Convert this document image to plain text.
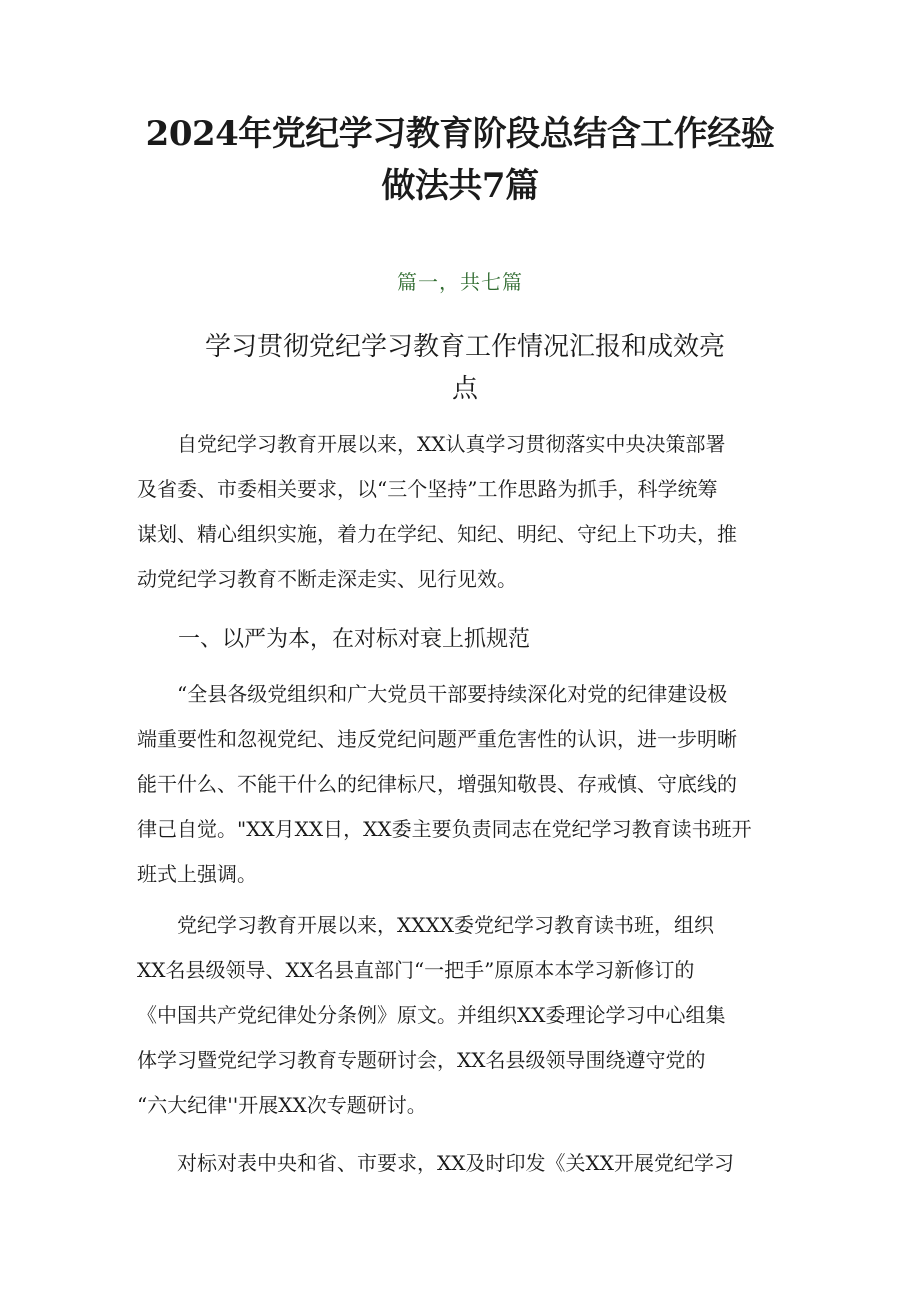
2024年党纪学习教育阶段总结含工作经验
做法共7篇
篇一，共七篇
学习贯彻党纪学习教育工作情况汇报和成效亮
点
　　自党纪学习教育开展以来，XX认真学习贯彻落实中央决策部署
及省委、市委相关要求，以“三个坚持”工作思路为抓手，科学统筹
谋划、精心组织实施，着力在学纪、知纪、明纪、守纪上下功夫，推
动党纪学习教育不断走深走实、见行见效。
一、以严为本，在对标对衰上抓规范
　　“全县各级党组织和广大党员干部要持续深化对党的纪律建设极
端重要性和忽视党纪、违反党纪问题严重危害性的认识，进一步明晰
能干什么、不能干什么的纪律标尺，增强知敬畏、存戒慎、守底线的
律己自觉。"XX月XX日，XX委主要负责同志在党纪学习教育读书班开
班式上强调。
　　党纪学习教育开展以来，XXXX委党纪学习教育读书班，组织
XX名县级领导、XX名县直部门“一把手”原原本本学习新修订的
《中国共产党纪律处分条例》原文。并组织XX委理论学习中心组集
体学习暨党纪学习教育专题研讨会，XX名县级领导围绕遵守党的
“六大纪律''开展XX次专题研讨。
　　对标对表中央和省、市要求，XX及时印发《关XX开展党纪学习
